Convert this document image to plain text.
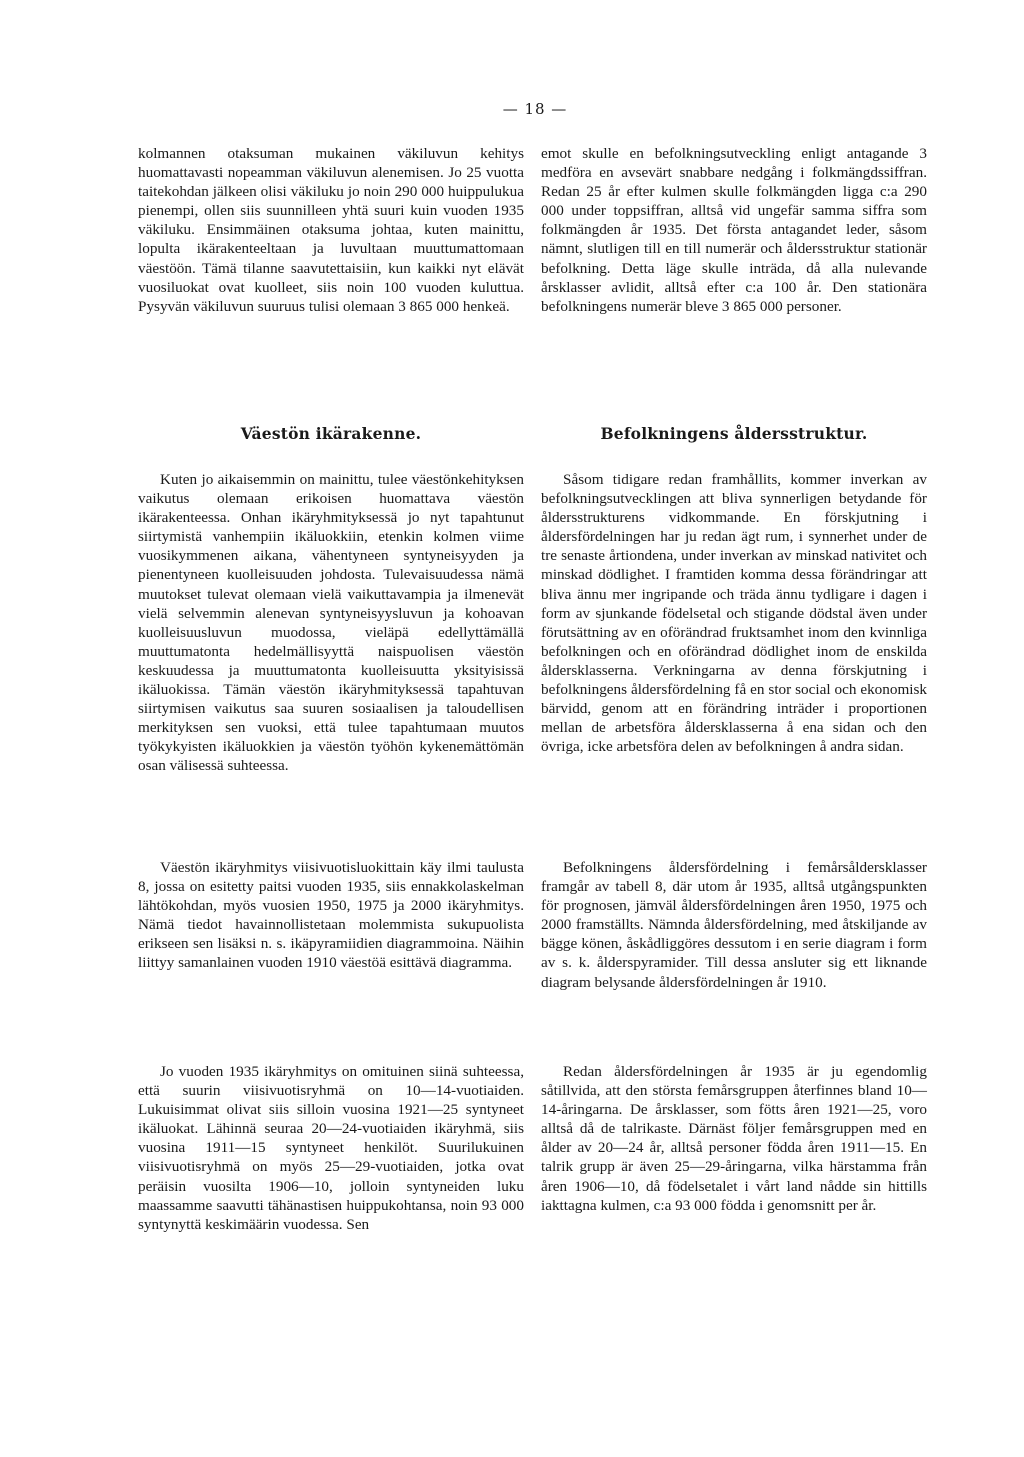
— 18 —

kolmannen otaksuman mukainen väkiluvun kehitys huomattavasti nopeamman väkiluvun alenemisen. Jo 25 vuotta taitekohdan jälkeen olisi väkiluku jo noin 290 000 huippulukua pienempi, ollen siis suunnilleen yhtä suuri kuin vuoden 1935 väkiluku. Ensimmäinen otaksuma johtaa, kuten mainittu, lopulta ikärakenteeltaan ja luvultaan muuttumattomaan väestöön. Tämä tilanne saavutettaisiin, kun kaikki nyt elävät vuosiluokat ovat kuolleet, siis noin 100 vuoden kuluttua. Pysyvän väkiluvun suuruus tulisi olemaan 3 865 000 henkeä.

emot skulle en befolkningsutveckling enligt antagande 3 medföra en avsevärt snabbare nedgång i folkmängdssiffran. Redan 25 år efter kulmen skulle folkmängden ligga c:a 290 000 under toppsiffran, alltså vid ungefär samma siffra som folkmängden år 1935. Det första antagandet leder, såsom nämnt, slutligen till en till numerär och åldersstruktur stationär befolkning. Detta läge skulle inträda, då alla nulevande årsklasser avlidit, alltså efter c:a 100 år. Den stationära befolkningens numerär bleve 3 865 000 personer.

Väestön ikärakenne.	Befolkningens åldersstruktur.

Kuten jo aikaisemmin on mainittu, tulee väestönkehityksen vaikutus olemaan erikoisen huomattava väestön ikärakenteessa. Onhan ikäryhmityksessä jo nyt tapahtunut siirtymistä vanhempiin ikäluokkiin, etenkin kolmen viime vuosikymmenen aikana, vähentyneen syntyneisyyden ja pienentyneen kuolleisuuden johdosta. Tulevaisuudessa nämä muutokset tulevat olemaan vielä vaikuttavampia ja ilmenevät vielä selvemmin alenevan syntyneisyysluvun ja kohoavan kuolleisuusluvun muodossa, vieläpä edellyttämällä muuttumatonta hedelmällisyyttä naispuolisen väestön keskuudessa ja muuttumatonta kuolleisuutta yksityisissä ikäluokissa. Tämän väestön ikäryhmityksessä tapahtuvan siirtymisen vaikutus saa suuren sosiaalisen ja taloudellisen merkityksen sen vuoksi, että tulee tapahtumaan muutos työkykyisten ikäluokkien ja väestön työhön kykenemättömän osan välisessä suhteessa.

Såsom tidigare redan framhållits, kommer inverkan av befolkningsutvecklingen att bliva synnerligen betydande för åldersstrukturens vidkommande. En förskjutning i åldersfördelningen har ju redan ägt rum, i synnerhet under de tre senaste årtiondena, under inverkan av minskad nativitet och minskad dödlighet. I framtiden komma dessa förändringar att bliva ännu mer ingripande och träda ännu tydligare i dagen i form av sjunkande födelsetal och stigande dödstal även under förutsättning av en oförändrad fruktsamhet inom den kvinnliga befolkningen och en oförändrad dödlighet inom de enskilda åldersklasserna. Verkningarna av denna förskjutning i befolkningens åldersfördelning få en stor social och ekonomisk bärvidd, genom att en förändring inträder i proportionen mellan de arbetsföra åldersklasserna å ena sidan och den övriga, icke arbetsföra delen av befolkningen å andra sidan.

Väestön ikäryhmitys viisivuotisluokittain käy ilmi taulusta 8, jossa on esitetty paitsi vuoden 1935, siis ennakkolaskelman lähtökohdan, myös vuosien 1950, 1975 ja 2000 ikäryhmitys. Nämä tiedot havainnollistetaan molemmista sukupuolista erikseen sen lisäksi n. s. ikäpyramiidien diagrammoina. Näihin liittyy samanlainen vuoden 1910 väestöä esittävä diagramma.

Befolkningens åldersfördelning i femårsåldersklasser framgår av tabell 8, där utom år 1935, alltså utgångspunkten för prognosen, jämväl åldersfördelningen åren 1950, 1975 och 2000 framställts. Nämnda åldersfördelning, med åtskiljande av bägge könen, åskådliggöres dessutom i en serie diagram i form av s. k. ålderspyramider. Till dessa ansluter sig ett liknande diagram belysande åldersfördelningen år 1910.

Jo vuoden 1935 ikäryhmitys on omituinen siinä suhteessa, että suurin viisivuotisryhmä on 10—14-vuotiaiden. Lukuisimmat olivat siis silloin vuosina 1921—25 syntyneet ikäluokat. Lähinnä seuraa 20—24-vuotiaiden ikäryhmä, siis vuosina 1911—15 syntyneet henkilöt. Suurilukuinen viisivuotisryhmä on myös 25—29-vuotiaiden, jotka ovat peräisin vuosilta 1906—10, jolloin syntyneiden luku maassamme saavutti tähänastisen huippukohtansa, noin 93 000 syntynyttä keskimäärin vuodessa. Sen

Redan åldersfördelningen år 1935 är ju egendomlig såtillvida, att den största femårsgruppen återfinnes bland 10—14-åringarna. De årsklasser, som fötts åren 1921—25, voro alltså då de talrikaste. Därnäst följer femårsgruppen med en ålder av 20—24 år, alltså personer födda åren 1911—15. En talrik grupp är även 25—29-åringarna, vilka härstamma från åren 1906—10, då födelsetalet i vårt land nådde sin hittills iakttagna kulmen, c:a 93 000 födda i genomsnitt per år.
